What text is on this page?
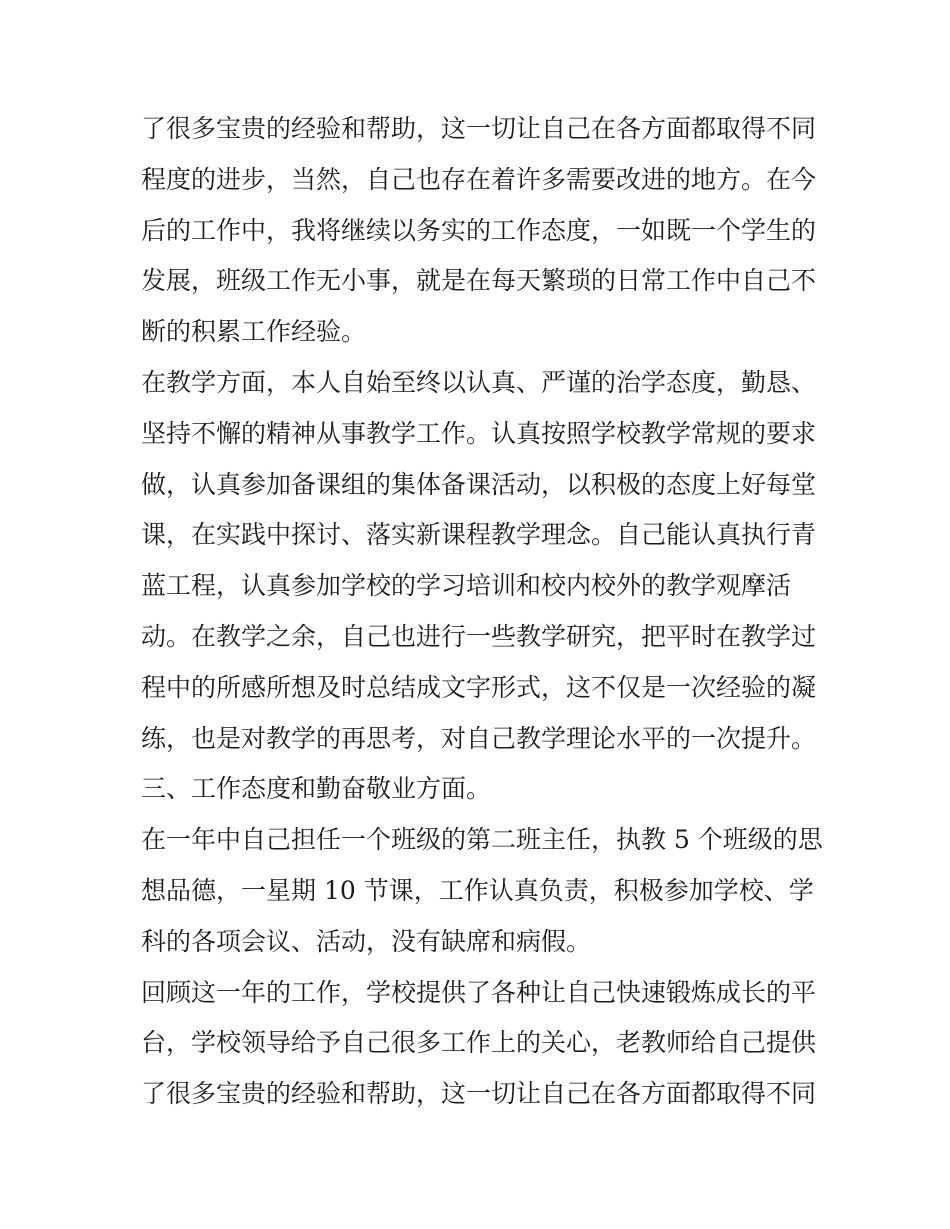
了很多宝贵的经验和帮助，这一切让自己在各方面都取得不同
程度的进步，当然，自己也存在着许多需要改进的地方。在今
后的工作中，我将继续以务实的工作态度，一如既一个学生的
发展，班级工作无小事，就是在每天繁琐的日常工作中自己不
断的积累工作经验。
在教学方面，本人自始至终以认真、严谨的治学态度，勤恳、
坚持不懈的精神从事教学工作。认真按照学校教学常规的要求
做，认真参加备课组的集体备课活动，以积极的态度上好每堂
课，在实践中探讨、落实新课程教学理念。自己能认真执行青
蓝工程，认真参加学校的学习培训和校内校外的教学观摩活
动。在教学之余，自己也进行一些教学研究，把平时在教学过
程中的所感所想及时总结成文字形式，这不仅是一次经验的凝
练，也是对教学的再思考，对自己教学理论水平的一次提升。
三、工作态度和勤奋敬业方面。
在一年中自己担任一个班级的第二班主任，执教 5 个班级的思
想品德，一星期 10 节课，工作认真负责，积极参加学校、学
科的各项会议、活动，没有缺席和病假。
回顾这一年的工作，学校提供了各种让自己快速锻炼成长的平
台，学校领导给予自己很多工作上的关心，老教师给自己提供
了很多宝贵的经验和帮助，这一切让自己在各方面都取得不同
